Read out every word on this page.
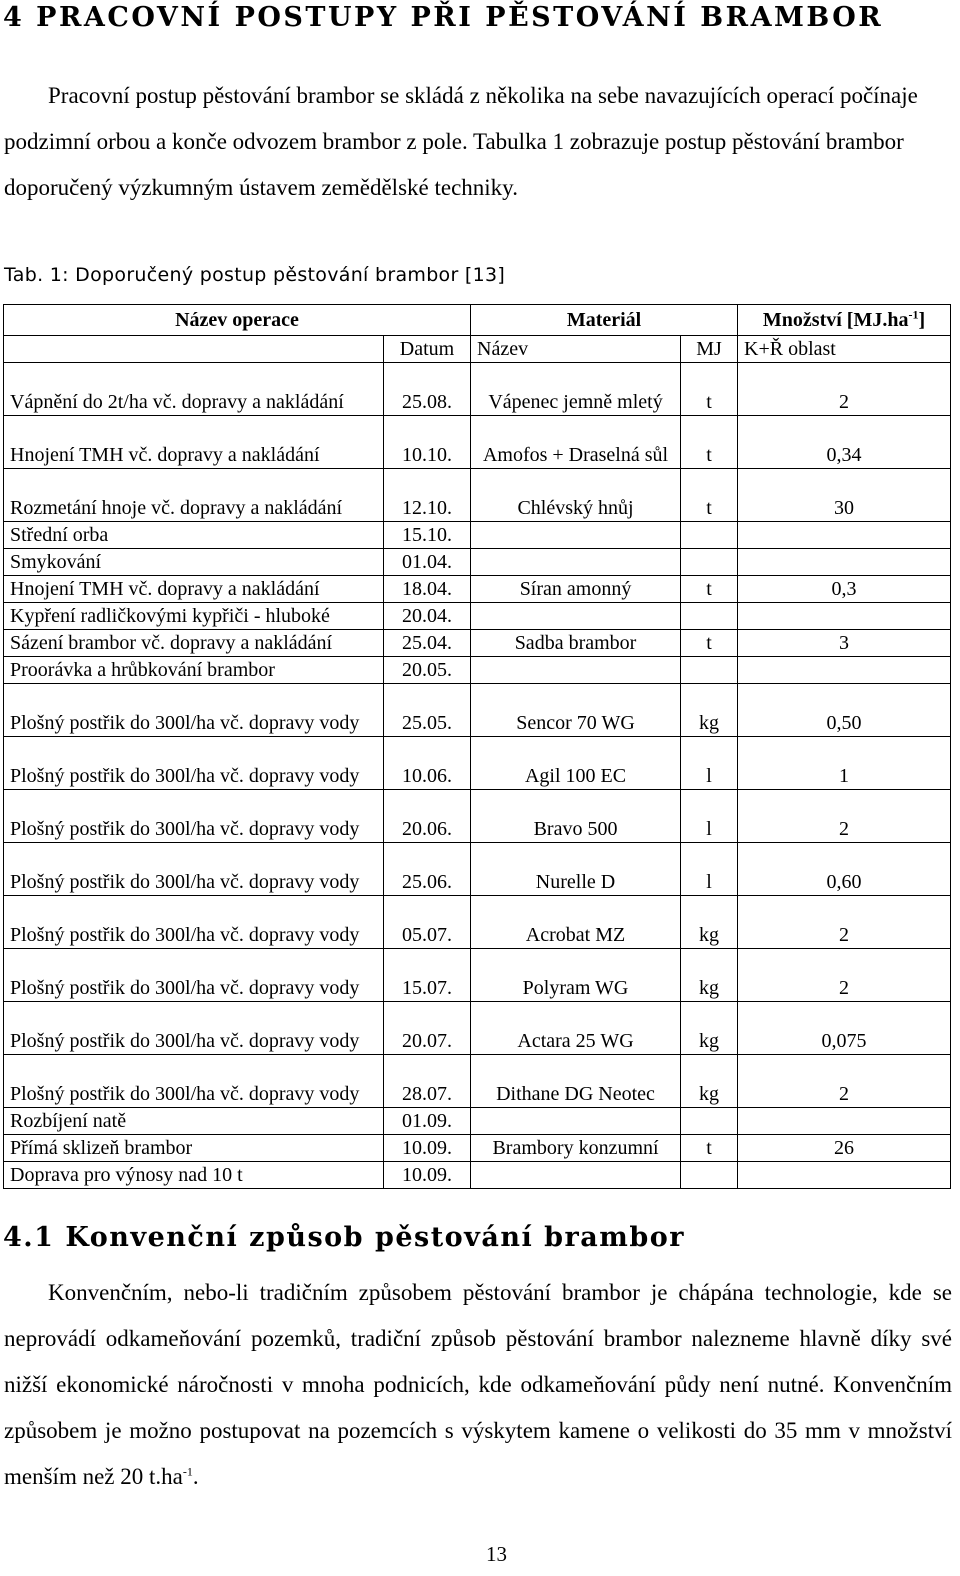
4 PRACOVNÍ POSTUPY PŘI PĚSTOVÁNÍ BRAMBOR

Pracovní postup pěstování brambor se skládá z několika na sebe navazujících operací počínaje podzimní orbou a konče odvozem brambor z pole. Tabulka 1 zobrazuje postup pěstování brambor doporučený výzkumným ústavem zemědělské techniky.

Tab. 1: Doporučený postup pěstování brambor [13]
Název operace		Materiál		Množství $[MJ.ha^{-1}]$
	Datum	Název	MJ	K+Ř oblast
Vápnění do 2t/ha vč. dopravy a nakládání	25.08.	Vápenec jemně mletý	t	2
Hnojení TMH vč. dopravy a nakládání	10.10.	Amofos + Draselná sůl	t	0,34
Rozmetání hnoje vč. dopravy a nakládání	12.10.	Chlévský hnůj	t	30
Střední orba	15.10.			
Smykování	01.04.			
Hnojení TMH vč. dopravy a nakládání	18.04.	Síran amonný	t	0,3
Kypření radličkovými kypřiči - hluboké	20.04.			
Sázení brambor vč. dopravy a nakládání	25.04.	Sadba brambor	t	3
Proorávka a hrůbkování brambor	20.05.			
Plošný postřik do 300l/ha vč. dopravy vody	25.05.	Sencor 70 WG	kg	0,50
Plošný postřik do 300l/ha vč. dopravy vody	10.06.	Agil 100 EC	l	1
Plošný postřik do 300l/ha vč. dopravy vody	20.06.	Bravo 500	l	2
Plošný postřik do 300l/ha vč. dopravy vody	25.06.	Nurelle D	l	0,60
Plošný postřik do 300l/ha vč. dopravy vody	05.07.	Acrobat MZ	kg	2
Plošný postřik do 300l/ha vč. dopravy vody	15.07.	Polyram WG	kg	2
Plošný postřik do 300l/ha vč. dopravy vody	20.07.	Actara 25 WG	kg	0,075
Plošný postřik do 300l/ha vč. dopravy vody	28.07.	Dithane DG Neotec	kg	2
Rozbíjení natě	01.09.			
Přímá sklizeň brambor	10.09.	Brambory konzumní	t	26
Doprava pro výnosy nad 10 t	10.09.			
4.1 Konvenční způsob pěstování brambor

Konvenčním, nebo-li tradičním způsobem pěstování brambor je chápána technologie, kde se neprovádí odkameňování pozemků, tradiční způsob pěstování brambor nalezneme hlavně díky své nižší ekonomické náročnosti v mnoha podnicích, kde odkameňování půdy není nutné. Konvenčním způsobem je možno postupovat na pozemcích s výskytem kamene o velikosti do 35 mm v množství menším než 20 $t.ha^{-1}$.

13
